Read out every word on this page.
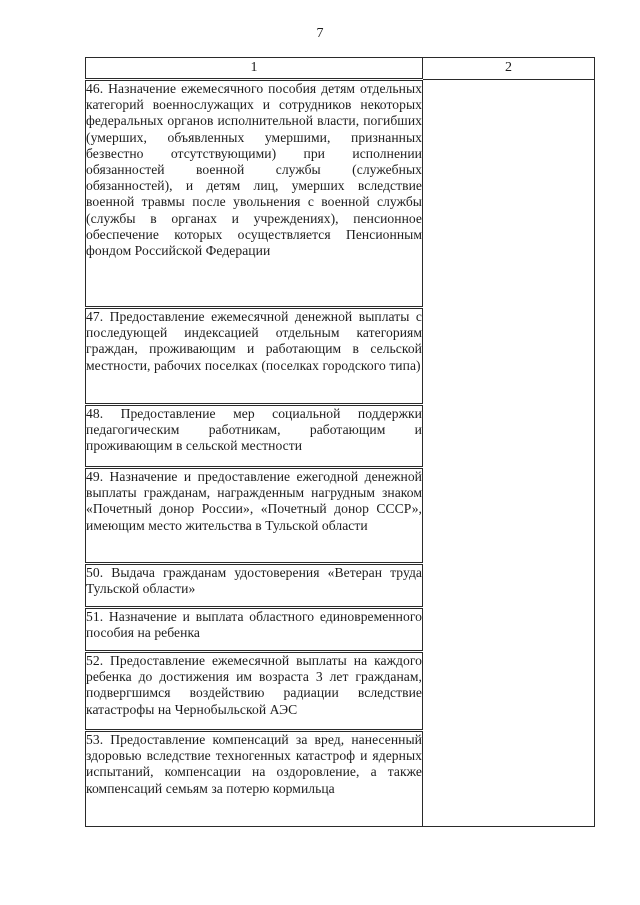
7
1	2

46. Назначение ежемесячного пособия детям отдельных категорий военнослужащих и сотрудников некоторых федеральных органов исполнительной власти, погибших (умерших, объявленных умершими, признанных безвестно отсутствующими) при исполнении обязанностей военной службы (служебных обязанностей), и детям лиц, умерших вследствие военной травмы после увольнения с военной службы (службы в органах и учреждениях), пенсионное обеспечение которых осуществляется Пенсионным фондом Российской Федерации	

47. Предоставление ежемесячной денежной выплаты с последующей индексацией отдельным категориям граждан, проживающим и работающим в сельской местности, рабочих поселках (поселках городского типа)	

48. Предоставление мер социальной поддержки педагогическим работникам, работающим и проживающим в сельской местности	

49. Назначение и предоставление ежегодной денежной выплаты гражданам, награжденным нагрудным знаком «Почетный донор России», «Почетный донор СССР», имеющим место жительства в Тульской области	

50. Выдача гражданам удостоверения «Ветеран труда Тульской области»	

51. Назначение и выплата областного единовременного пособия на ребенка	

52. Предоставление ежемесячной выплаты на каждого ребенка до достижения им возраста 3 лет гражданам, подвергшимся воздействию радиации вследствие катастрофы на Чернобыльской АЭС	

53. Предоставление компенсаций за вред, нанесенный здоровью вследствие техногенных катастроф и ядерных испытаний, компенсации на оздоровление, а также компенсаций семьям за потерю кормильца	
